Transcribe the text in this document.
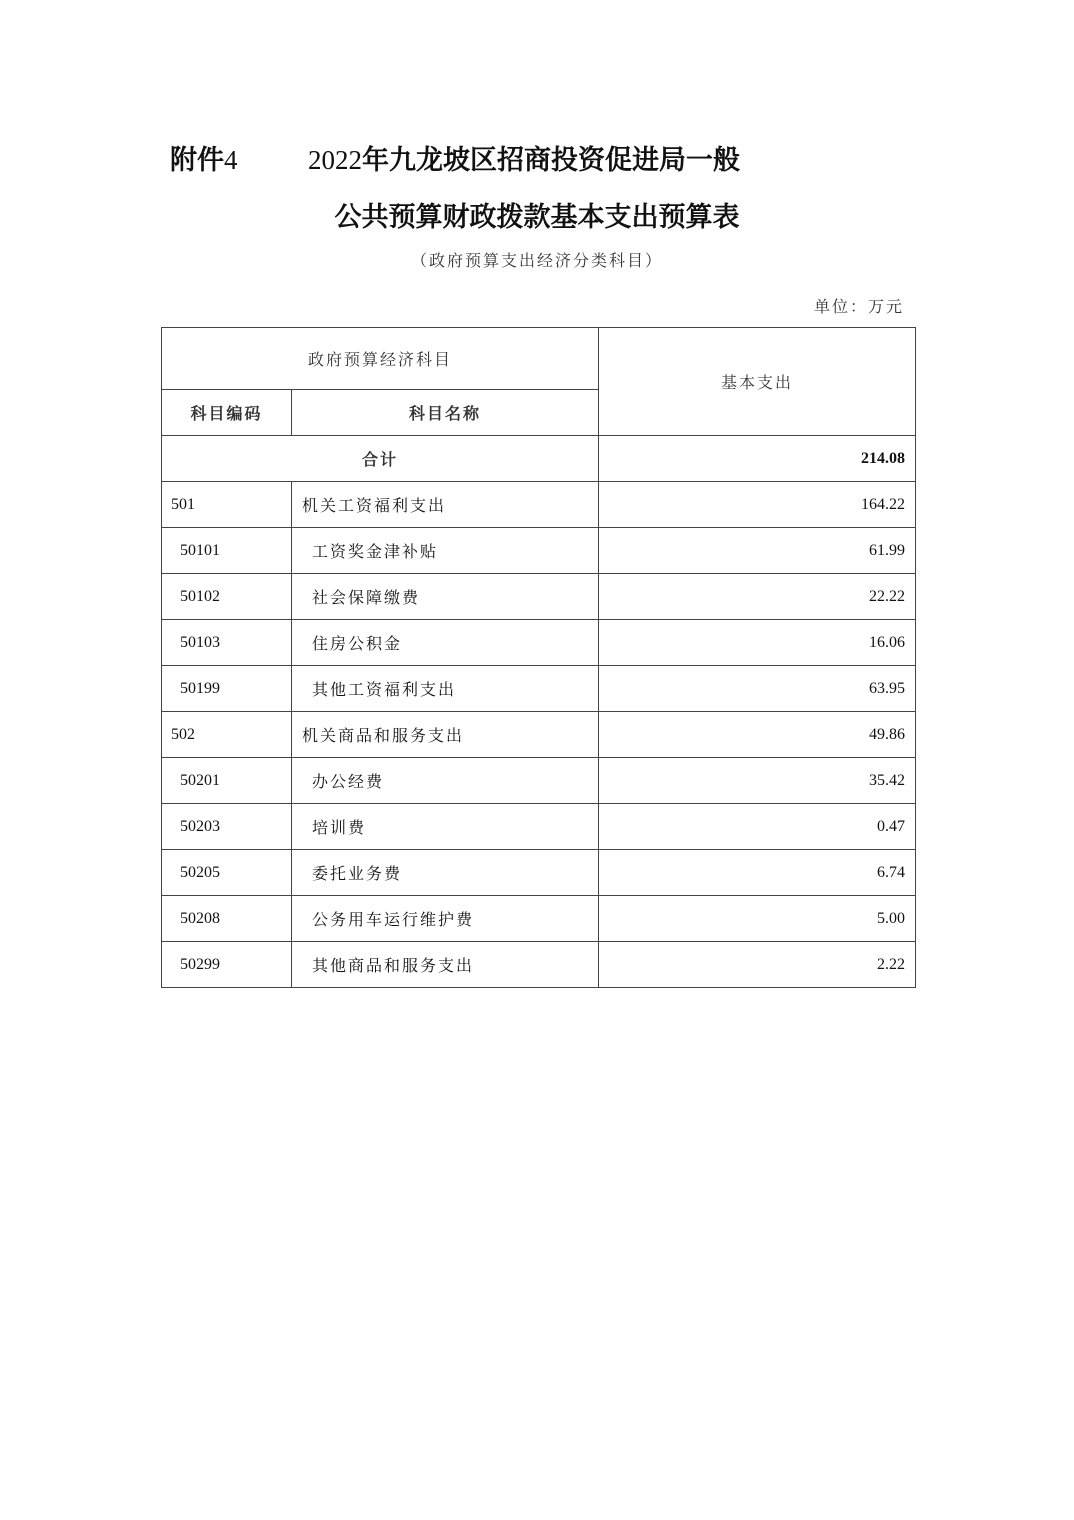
附件4	2022年九龙坡区招商投资促进局一般
公共预算财政拨款基本支出预算表
（政府预算支出经济分类科目）
单位：万元
政府预算经济科目		基本支出
科目编码	科目名称	
合计		214.08
501	机关工资福利支出	164.22
50101	工资奖金津补贴	61.99
50102	社会保障缴费	22.22
50103	住房公积金	16.06
50199	其他工资福利支出	63.95
502	机关商品和服务支出	49.86
50201	办公经费	35.42
50203	培训费	0.47
50205	委托业务费	6.74
50208	公务用车运行维护费	5.00
50299	其他商品和服务支出	2.22
